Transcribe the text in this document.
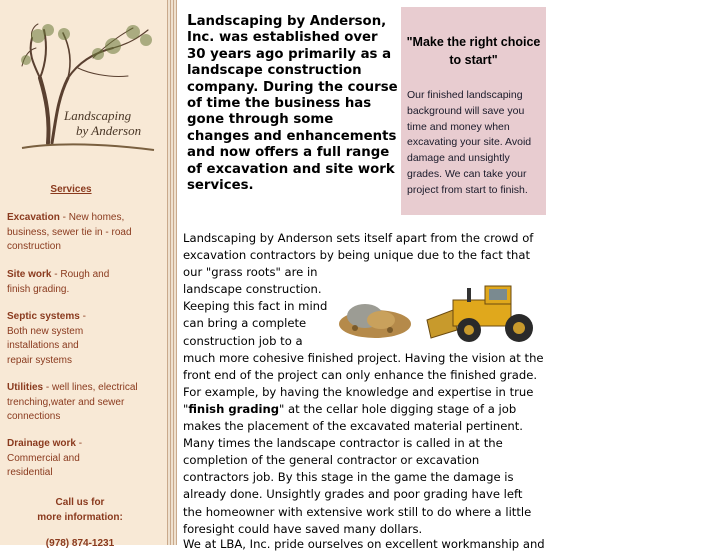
Landscaping
by Anderson
Services
Excavation - New homes, business, sewer tie in - road construction
Site work - Rough and finish grading.
Septic systems - Both new system installations and repair systems
Utilities - well lines, electrical trenching,water and sewer connections
Drainage work - Commercial and residential
Call us for
more information:
(978) 874-1231
Landscaping by Anderson, Inc. was established over 30 years ago primarily as a landscape construction company. During the course of time the business has gone through some changes and enhancements and now offers a full range of excavation and site work services.
"Make the right choice to start"
Our finished landscaping background will save you time and money when excavating your site. Avoid damage and unsightly grades. We can take your project from start to finish.
Landscaping by Anderson sets itself apart from the crowd of excavation contractors by being unique due to the fact that our "grass roots" are in landscape construction. Keeping this fact in mind can bring a complete construction job to a much more cohesive finished project. Having the vision at the front end of the project can only enhance the finished grade. For example, by having the knowledge and expertise in true "finish grading" at the cellar hole digging stage of a job makes the placement of the excavated material pertinent. Many times the landscape contractor is called in at the completion of the general contractor or excavation contractors job. By this stage in the game the damage is already done. Unsightly grades and poor grading have left the homeowner with extensive work still to do where a little foresight could have saved many dollars.
We at LBA, Inc. pride ourselves on excellent workmanship and
